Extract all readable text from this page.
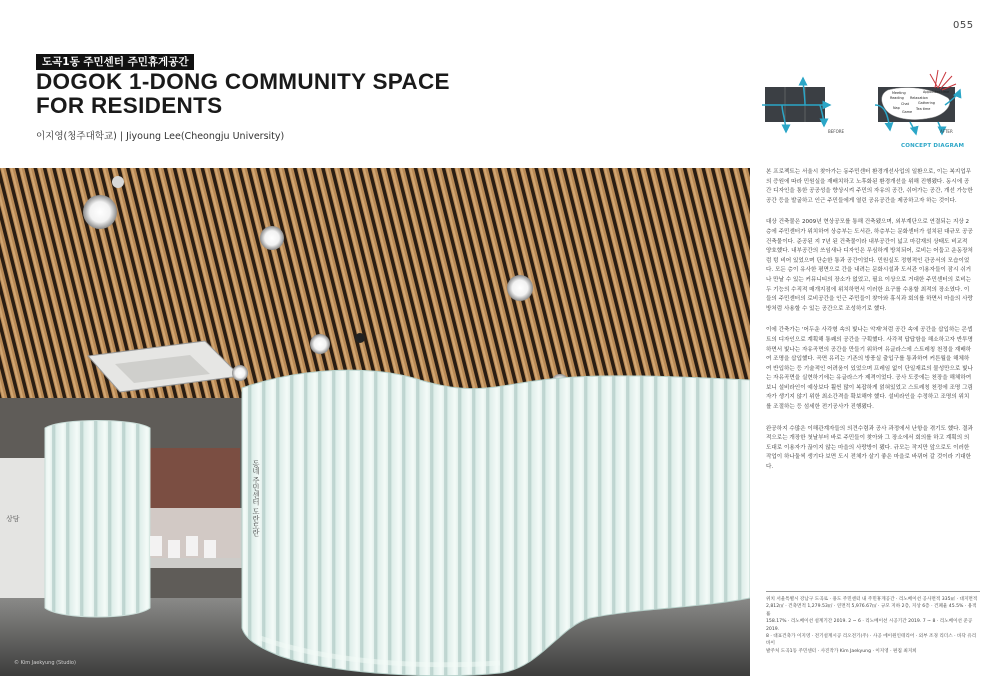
055
도곡1동 주민센터 주민휴게공간
DOGOK 1-DONG COMMUNITY SPACE
FOR RESIDENTS
이지영(청주대학교) | Jiyoung Lee(Cheongju University)	BEFORE
Meeting
Reading
Chat
Nap
Game
Appointed time
Relaxation
Gathering
Tea time
AFTER
CONCEPT DIAGRAM
동네 주민센터 도란도란
상담
© Kim Jaekyung (Studio)

본 프로젝트는 서울시 찾아가는 동주민센터 환경개선사업의 일환으로, 이는 복지업무의 증원에 따라 민원실을 재배치하고 노후화된 환경개선을 위해 진행됐다. 동시에 공간 디자인을 통한 공공성을 향상시켜 주민의 자유의 공간, 쉬어가는 공간, 개선 가능한 공간 등을 발굴하고 인근 주민들에게 열린 공유공간을 제공하고자 하는 것이다.

대상 건축물은 2009년 현상공모를 통해 건축됐으며, 외부계단으로 연결되는 지상 2층에 주민센터가 위치하여 상층부는 도서관, 하층부는 문화센터가 설치된 대규모 공공건축물이다. 준공된 지 7년 된 건축물이라 내부공간이 넓고 마감재의 상태도 비교적 양호했다. 내부공간의 쓰임새나 디자인은 무심하게 방치되어, 로비는 어둡고 운동장처럼 텅 비어 있었으며 단순한 통과 공간이었다. 민원실도 정형적인 관공서의 모습이었다. 모든 층이 유사한 평면으로 간을 내려는 문화시설과 도서관 이용자들이 잠시 쉬거나 만날 수 있는 커뮤니티의 장소가 없었고, 필요 이상으로 거대한 주민센터의 로비는 두 기능의 수직적 매개지점에 위치하면서 이러한 요구를 수용할 최적의 장소였다. 이들의 주민센터의 로비공간을 인근 주민들이 찾아와 휴식과 회의를 하면서 마을의 사랑방처럼 사용할 수 있는 공간으로 조성하기로 했다.

이에 간축가는 '어두운 사각형 속의 빛나는 악재'처럼 공간 속에 공간을 삽입하는 콘셉트의 디자인으로 계획해 통쾌의 공간을 구획했다. 사각적 답답함을 해소하고자 반투명하면서 빛나는 자유곡면의 공간을 만들기 위하여 유글라스에 스트레칭 천정을 재배하여 조명을 삽입했다. 곡면 유리는 기존의 방풍실 출입구를 통과하여 커튼월을 해체하여 반입하는 등 기술적인 어려움이 있었으며 프레임 없이 단일재료의 물성만으로 빛나는 자유곡면을 실현하기에는 유글라스가 제격이었다. 공사 도중에는 천장을 해체하여 보니 설비라인이 예상보다 훨씬 많이 복잡하게 얽혀있었고 스트레칭 천정에 조명 그림자가 생기지 않기 위한 최소간격을 확보해야 했다. 설비라인을 수정하고 조명의 위치를 조절하는 등 섬세한 전기공사가 진행됐다.

완공하지 수많은 이해관계자들의 의견수렴과 공사 과정에서 난항을 겪기도 했다. 결과적으로는 개장한 첫날부터 바로 주민들이 찾아와 그 장소에서 회의를 하고 계획의 의도대로 이용자가 끊이지 않는 마을의 사랑방이 됐다. 규모는 작지만 앞으로도 이러한 작업이 하나둘씩 생기다 보면 도시 전체가 살기 좋은 마을로 바뀌어 갈 것이라 기대한다.

위치 서울특별시 강남구 도곡로 · 용도 주민센터 내 주민휴게공간 · 리노베이션 공사면적 335㎡ · 대지면적
2,812㎡ · 건축면적 1,279.53㎡ · 연면적 5,976.67㎡ · 규모 지하 2층, 지상 6층 · 건폐율 45.5% · 용적률
158.17% · 리노베이션 설계기간 2019. 2 ~ 6 · 리노베이션 시공기간 2019. 7 ~ 8 · 리노베이션 준공 2019.
8 · 대표건축가 이지영 · 전기설계시공 리오전기(주) · 사공 에이원인테리어 · 외부 조경 리더스 · 바닥 유리바이
발주처 도곡1동 주민센터 · 사진작가 Kim Jaekyung · 이지영 · 편집 최지희
